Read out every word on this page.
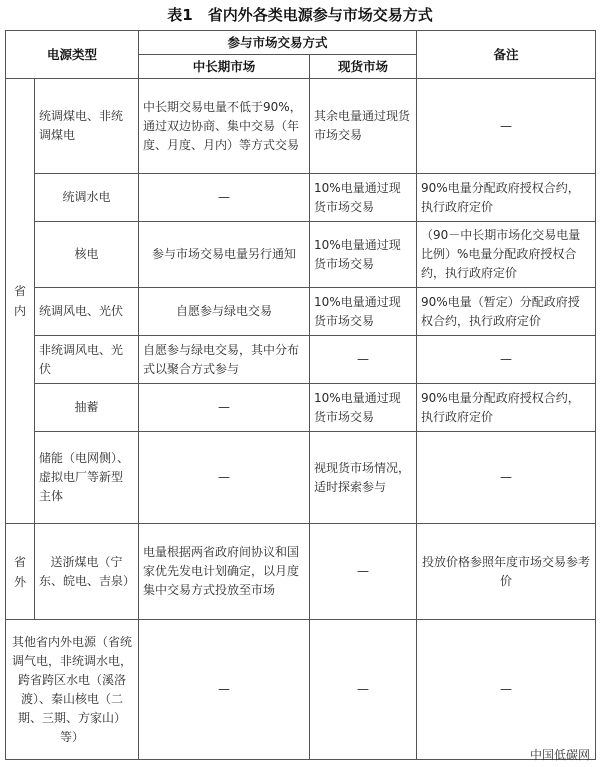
表1　省内外各类电源参与市场交易方式
电源类型		参与市场交易方式		备注
		中长期市场	现货市场	

省内	统调煤电、非统调煤电	中长期交易电量不低于90%，通过双边协商、集中交易（年度、月度、月内）等方式交易	其余电量通过现货市场交易	—
	统调水电	—	10%电量通过现货市场交易	90%电量分配政府授权合约，执行政府定价
	核电	参与市场交易电量另行通知	10%电量通过现货市场交易	（90－中长期市场化交易电量比例）%电量分配政府授权合约，执行政府定价
	统调风电、光伏	自愿参与绿电交易	10%电量通过现货市场交易	90%电量（暂定）分配政府授权合约，执行政府定价
	非统调风电、光伏	自愿参与绿电交易，其中分布式以聚合方式参与	—	—
	抽蓄	—	10%电量通过现货市场交易	90%电量分配政府授权合约，执行政府定价
	储能（电网侧）、虚拟电厂等新型主体	—	视现货市场情况，适时探索参与	—

省外	送浙煤电（宁东、皖电、吉泉）	电量根据两省政府间协议和国家优先发电计划确定，以月度集中交易方式投放至市场	—	投放价格参照年度市场交易参考价
其他省内外电源（省统调气电，非统调水电，跨省跨区水电（溪洛渡）、秦山核电（二期、三期、方家山）等）		—	—	—
中国低碳网
